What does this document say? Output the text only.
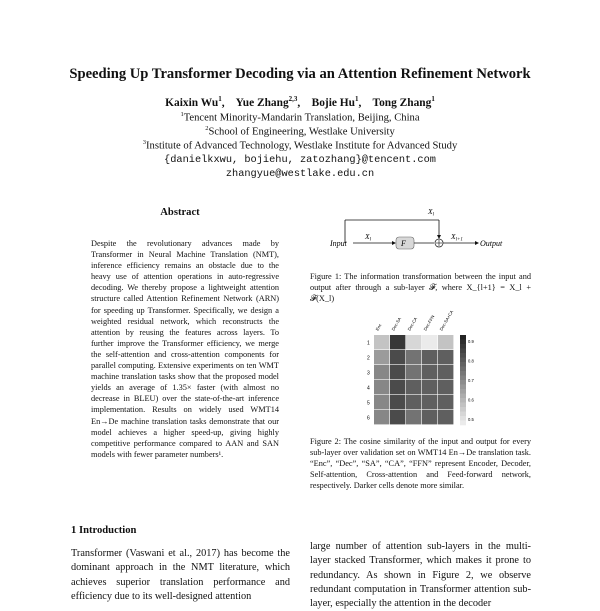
Speeding Up Transformer Decoding via an Attention Refinement Network
Kaixin Wu$^1$,    Yue Zhang$^{2,3}$,    Bojie Hu$^1$,    Tong Zhang$^1$
$^1$Tencent Minority-Mandarin Translation, Beijing, China
$^2$School of Engineering, Westlake University
$^3$Institute of Advanced Technology, Westlake Institute for Advanced Study
{danielkxwu, bojiehu, zatozhang}@tencent.com
zhangyue@westlake.edu.cn
Abstract

Despite the revolutionary advances made by Transformer in Neural Machine Translation (NMT), inference efficiency remains an obstacle due to the heavy use of attention operations in auto-regressive decoding. We thereby propose a lightweight attention structure called Attention Refinement Network (ARN) for speeding up Transformer. Specifically, we design a weighted residual network, which reconstructs the attention by reusing the features across layers. To further improve the Transformer efficiency, we merge the self-attention and cross-attention components for parallel computing. Extensive experiments on ten WMT machine translation tasks show that the proposed model yields an average of 1.35× faster (with almost no decrease in BLEU) over the state-of-the-art inference implementation. Results on widely used WMT14 En→De machine translation tasks demonstrate that our model achieves a higher speed-up, giving highly competitive performance compared to AAN and SAN models with fewer parameter numbers¹.

Input
$X_l$	F
⊕
$X_l$
$X_{l+1}$ Output
Figure 1: The information transformation between the input and output after through a sub-layer 𝓕, where X_{l+1} = X_l + 𝓕(X_l)
Enc Dec-SA Dec-CA Dec-FFN Dec-SA+CA
1
2
3
4
5
6
0.9
0.8
0.7
0.6
0.5
Figure 2: The cosine similarity of the input and output for every sub-layer over validation set on WMT14 En→De translation task. “Enc”, “Dec”, “SA”, “CA”, “FFN” represent Encoder, Decoder, Self-attention, Cross-attention and Feed-forward network, respectively. Darker cells denote more similar.
1 Introduction

Transformer (Vaswani et al., 2017) has become the dominant approach in the NMT literature, which achieves superior translation performance and efficiency due to its well-designed attention

large number of attention sub-layers in the multi-layer stacked Transformer, which makes it prone to redundancy. As shown in Figure 2, we observe redundant computation in Transformer attention sub-layer, especially the attention in the decoder
